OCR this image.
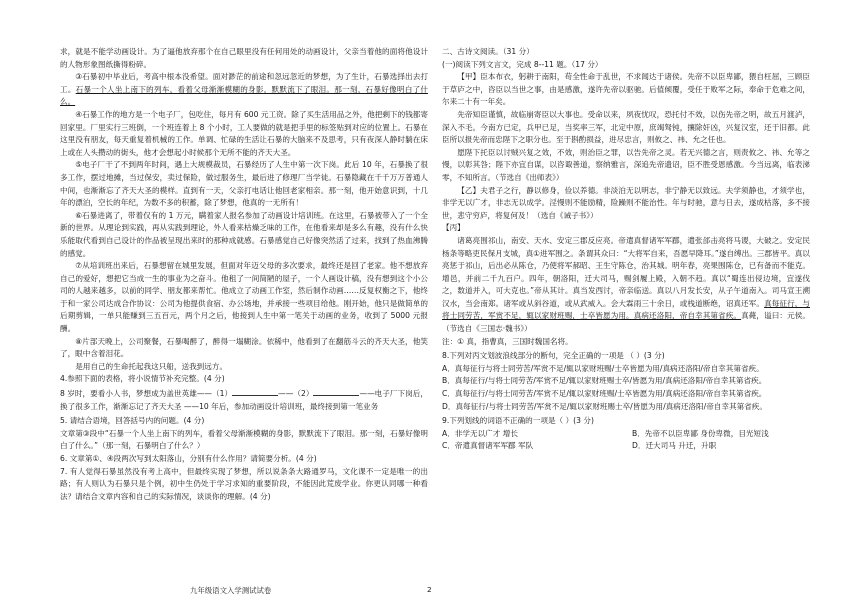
求，就是不能学动画设计。为了逼他放弃那个在自己眼里没有任何用处的动画设计，父亲当着他的面将他设计的人物形象图纸撕得粉碎。

③石暴初中毕业后，考高中根本没希望。面对渺茫的前途和忽远忽近的梦想，为了生计，石暴选择出去打工。石暴一个人坐上南下的列车，看着父母渐渐模糊的身影，默默流下了眼泪。那一刻，石暴好像明白了什么。

④石暴工作的地方是一个电子厂，包吃住，每月有 600 元工资。除了买生活用品之外，他把剩下的钱都寄回家里。厂里实行三班倒，一个班连着上 8 个小时，工人要做的就是把手里的标签贴到对应的位置上。石暴在这里没有朋友，每天重复着机械的工作。单调、忙碌的生活让石暴的大脑来不及思考，只有夜深人静时躺在床上或在人头攒动的街头，他才会想起小时候那个无所不能的齐天大圣。

⑤电子厂干了不到两年时间，遇上大规模裁员，石暴经历了人生中第一次下岗。此后 10 年，石暴换了很多工作，摆过地摊，当过保安，卖过保险，做过服务生，最后进了修理厂当学徒。石暴隐藏在千千万万普通人中间，也渐渐忘了齐天大圣的模样。直到有一天，父亲打电话让他回老家相亲。那一刻，他开始意识到，十几年的漂泊，空长的年纪，为数不多的积蓄，除了梦想，他真的一无所有！

⑥石暴进离了，带着仅有的 1 万元，瞒着家人报名参加了动画设计培训班。在这里，石暴被带入了一个全新的世界。从理论到实践，再从实践到理论，外人看来枯燥乏味的工作，在他看来却是多么有趣，没有什么快乐能取代看到自己设计的作品被呈现出来时的那种成就感。石暴感觉自己好像突然活了过来，找到了热血沸腾的感觉。

⑦从培训班出来后，石暴想留在城里发展，但面对年迈父母的多次要求，最终还是回了老家。他不想放弃自己的爱好，想把它当成一生的事业为之奋斗。他租了一间简陋的屋子，一个人画设计稿，没有想到这个小公司的人越来越多，以前的同学、朋友都来帮忙。他成立了动画工作室，然后制作动画……反复权衡之下，他终于和一家公司达成合作协议：公司为他提供食宿、办公场地，并承接一些项目给他。刚开始，他只是做简单的后期剪辑，一单只能赚到三五百元，两个月之后，他接到人生中第一笔关于动画的业务，收到了 5000 元报酬。

⑧片部天晚上，公司聚餐，石暴喝醉了，醉得一塌糊涂。依稀中，他看到了在翻筋斗云的齐天大圣，他笑了，眼中含着泪花。

是用自己的生命托起我这只船，送我到远方。

4.参照下面的表格，将小说情节补充完整。(4 分)

8 岁时，要看小人书，梦想成为盖世英雄——（1）	——（2）	——电子厂下岗后，换了很多工作，渐渐忘记了齐天大圣 ——10 年后，参加动画设计培训班，最终接到第一笔业务

5. 请结合语境，回答括号内的问题。(4 分)

文章第③段中“石暴一个人坐上南下的列车，看着父母渐渐模糊的身影，默默流下了眼泪。那一刻，石暴好像明白了什么。”（那一刻，石暴明白了什么？）

6. 文章第①、④段两次写到太阳落山，分别有什么作用？请简要分析。(4 分)

7. 有人觉得石暴虽然没有考上高中，但最终实现了梦想，所以说条条大路通罗马，文化课不一定是唯一的出路；有人则认为石暴只是个例，初中生仍处于学习求知的重要阶段，不能因此荒废学业。你更认同哪一种看法？请结合文章内容和自己的实际情况，谈谈你的理解。(4 分)

二、古诗文阅读。（31 分）

(一)阅读下列文言文，完成 8--11 题。（17 分）

【甲】臣本布衣，躬耕于南阳，苟全性命于乱世，不求闻达于诸侯。先帝不以臣卑鄙，猥自枉屈，三顾臣于草庐之中，咨臣以当世之事，由是感激，遂许先帝以驱驰。后值倾覆，受任于败军之际，奉命于危难之间，尔来二十有一年矣。

先帝知臣谨慎，故临崩寄臣以大事也。受命以来，夙夜忧叹，恐托付不效，以伤先帝之明，故五月渡泸，深入不毛。今南方已定，兵甲已足，当奖率三军，北定中原，庶竭驽钝，攘除奸凶，兴复汉室，还于旧都。此臣所以报先帝而忠陛下之职分也。至于斟酌损益，进尽忠言，则攸之、祎、允之任也。

愿陛下托臣以讨贼兴复之效，不效，则治臣之罪，以告先帝之灵。若无兴德之言，则责攸之、祎、允等之慢，以彰其咎；陛下亦宜自谋，以咨诹善道，察纳雅言，深追先帝遗诏，臣不胜受恩感激。今当远离，临表涕零，不知所言。（节选自《出师表》）

【乙】夫君子之行，静以修身，俭以养德。非淡泊无以明志，非宁静无以致远。夫学须静也，才须学也，非学无以广才，非志无以成学。淫慢则不能励精，险躁则不能治性。年与时驰，意与日去，遂成枯落，多不接世，悲守穷庐，将复何及！（选自《诫子书》）

【丙】

诸葛亮围祁山，南安、天水、安定三郡反应亮。帝遣真督诸军军郿，遣张郃击亮将马谡，大破之。安定民杨条等略吏民保月支城，真①进军围之。条谓其众曰：“大将军自来，吾愿早降耳。”遂自缚出。三郡皆平。真以亮惩于祁山，后出必从陈仓，乃使将军郝昭、王生守陈仓，治其城。明年春，亮果围陈仓，已有备而不能克。增邑，并前二千九百户。四年，朝洛阳，迁大司马，赐剑履上殿，入朝不趋。真以“蜀连出侵边境，宜遂伐之，数道并入，可大克也。”帝从其计。真当发西讨，帝亲临送。真以八月发长安，从子午道南入。司马宣王溯汉水，当会南郑。诸军或从斜谷道，或从武威入。会大霖雨三十余日，或栈道断绝，诏真还军。真每征行，与将士同劳苦，军赏不足，辄以家财班赐，士卒皆愿为用。真病还洛阳，帝自幸其第省疾。真薨，谥曰：元侯。（节选自《三国志·魏书》）

注：① 真，指曹真，三国时魏国名将。

8.下列对丙文划波浪线部分的断句，完全正确的一项是 （ ）(3 分)

A．真每征行与将士同劳苦/军赏不足/辄以家财班赐/士卒皆愿为用/真病还洛阳/帝自幸其第省疾。

B．真每征行/与将士同劳苦/军赏不足/辄以家财班赐士卒/皆愿为用/真病还洛阳/帝自幸其第省疾。

C．真每征行/与将士同劳苦/军赏不足/辄以家财班赐/士卒皆愿为用/真病还洛阳/帝自幸其第省疾。

D．真每征行/与将士同劳苦/军赏不足/辄以家财班赐士卒/皆愿为用/真病还洛阳/帝自幸其第省疾。

9.下列划线的词语不正确的一项是（ ）(3 分)

A．非学无以广才 增长	B．先帝不以臣卑鄙 身份卑微，目光短浅

C．帝遣真督诸军军郿 军队	D．迁大司马 升迁，升职

九年级语文入学测试试卷	2
